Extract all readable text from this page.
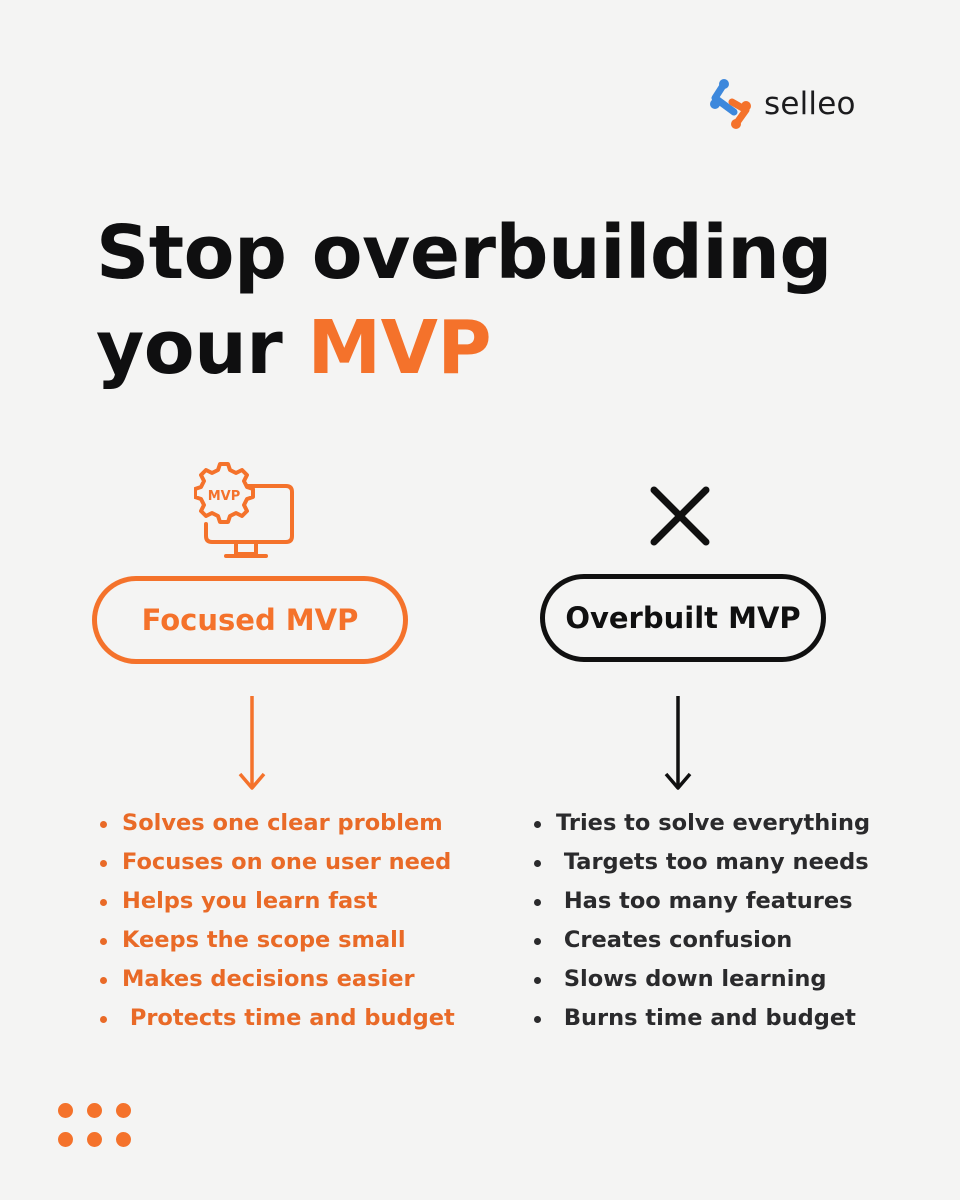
selleo
Stop overbuilding
your MVP
MVP
Focused MVP	Overbuilt MVP
Solves one clear problem
Focuses on one user need
Helps you learn fast
Keeps the scope small
Makes decisions easier
Protects time and budget
Tries to solve everything
Targets too many needs
Has too many features
Creates confusion
Slows down learning
Burns time and budget
